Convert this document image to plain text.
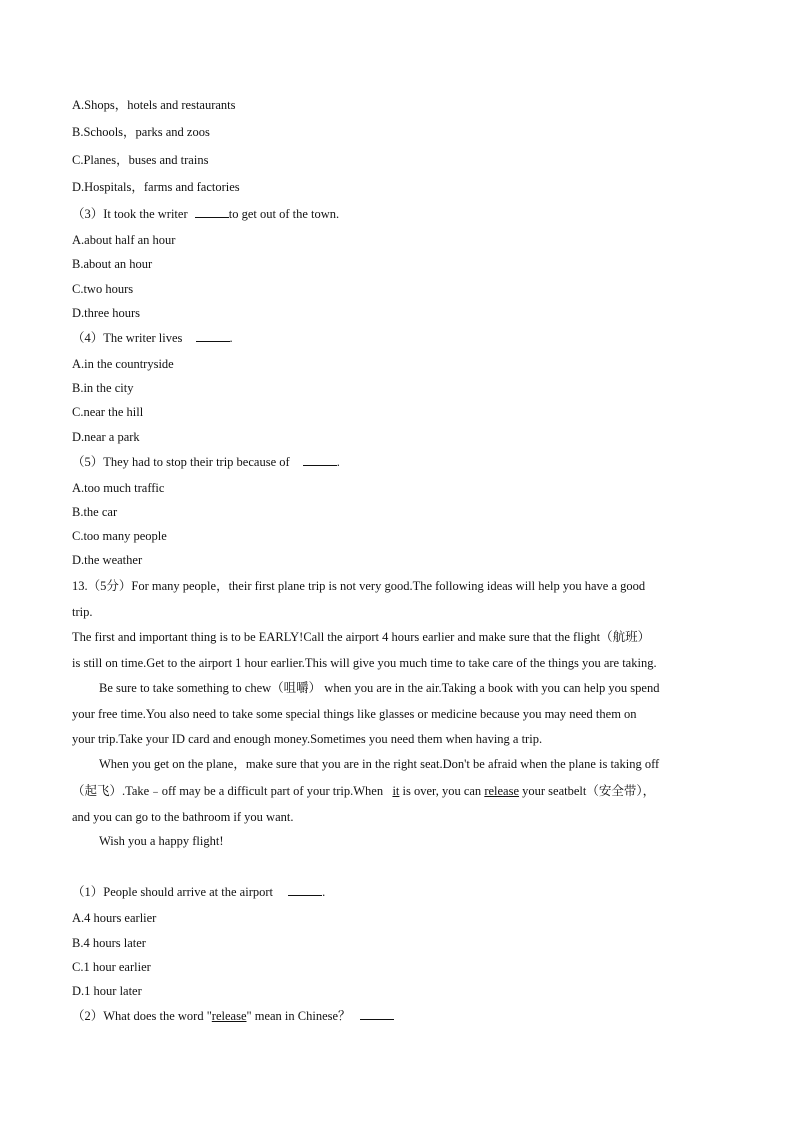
A.Shops，hotels and restaurants
B.Schools，parks and zoos
C.Planes，buses and trains
D.Hospitals，farms and factories
（3）It took the writer	to get out of the town.
A.about half an hour
B.about an hour
C.two hours
D.three hours
（4）The writer lives	.
A.in the countryside
B.in the city
C.near the hill
D.near a park
（5）They had to stop their trip because of	.
A.too much traffic
B.the car
C.too many people
D.the weather
13.（5分）For many people，their first plane trip is not very good.The following ideas will help you have a good
trip.
The first and important thing is to be EARLY!Call the airport 4 hours earlier and make sure that the flight（航班）
is still on time.Get to the airport 1 hour earlier.This will give you much time to take care of the things you are taking.
Be sure to take something to chew（咀嚼） when you are in the air.Taking a book with you can help you spend
your free time.You also need to take some special things like glasses or medicine because you may need them on
your trip.Take your ID card and enough money.Sometimes you need them when having a trip.
When you get on the plane，make sure that you are in the right seat.Don't be afraid when the plane is taking off
（起飞）.Take﹣off may be a difficult part of your trip.When it is over, you can release your seatbelt（安全带），
and you can go to the bathroom if you want.
Wish you a happy flight!
（1）People should arrive at the airport	.
A.4 hours earlier
B.4 hours later
C.1 hour earlier
D.1 hour later
（2）What does the word "release" mean in Chinese？
